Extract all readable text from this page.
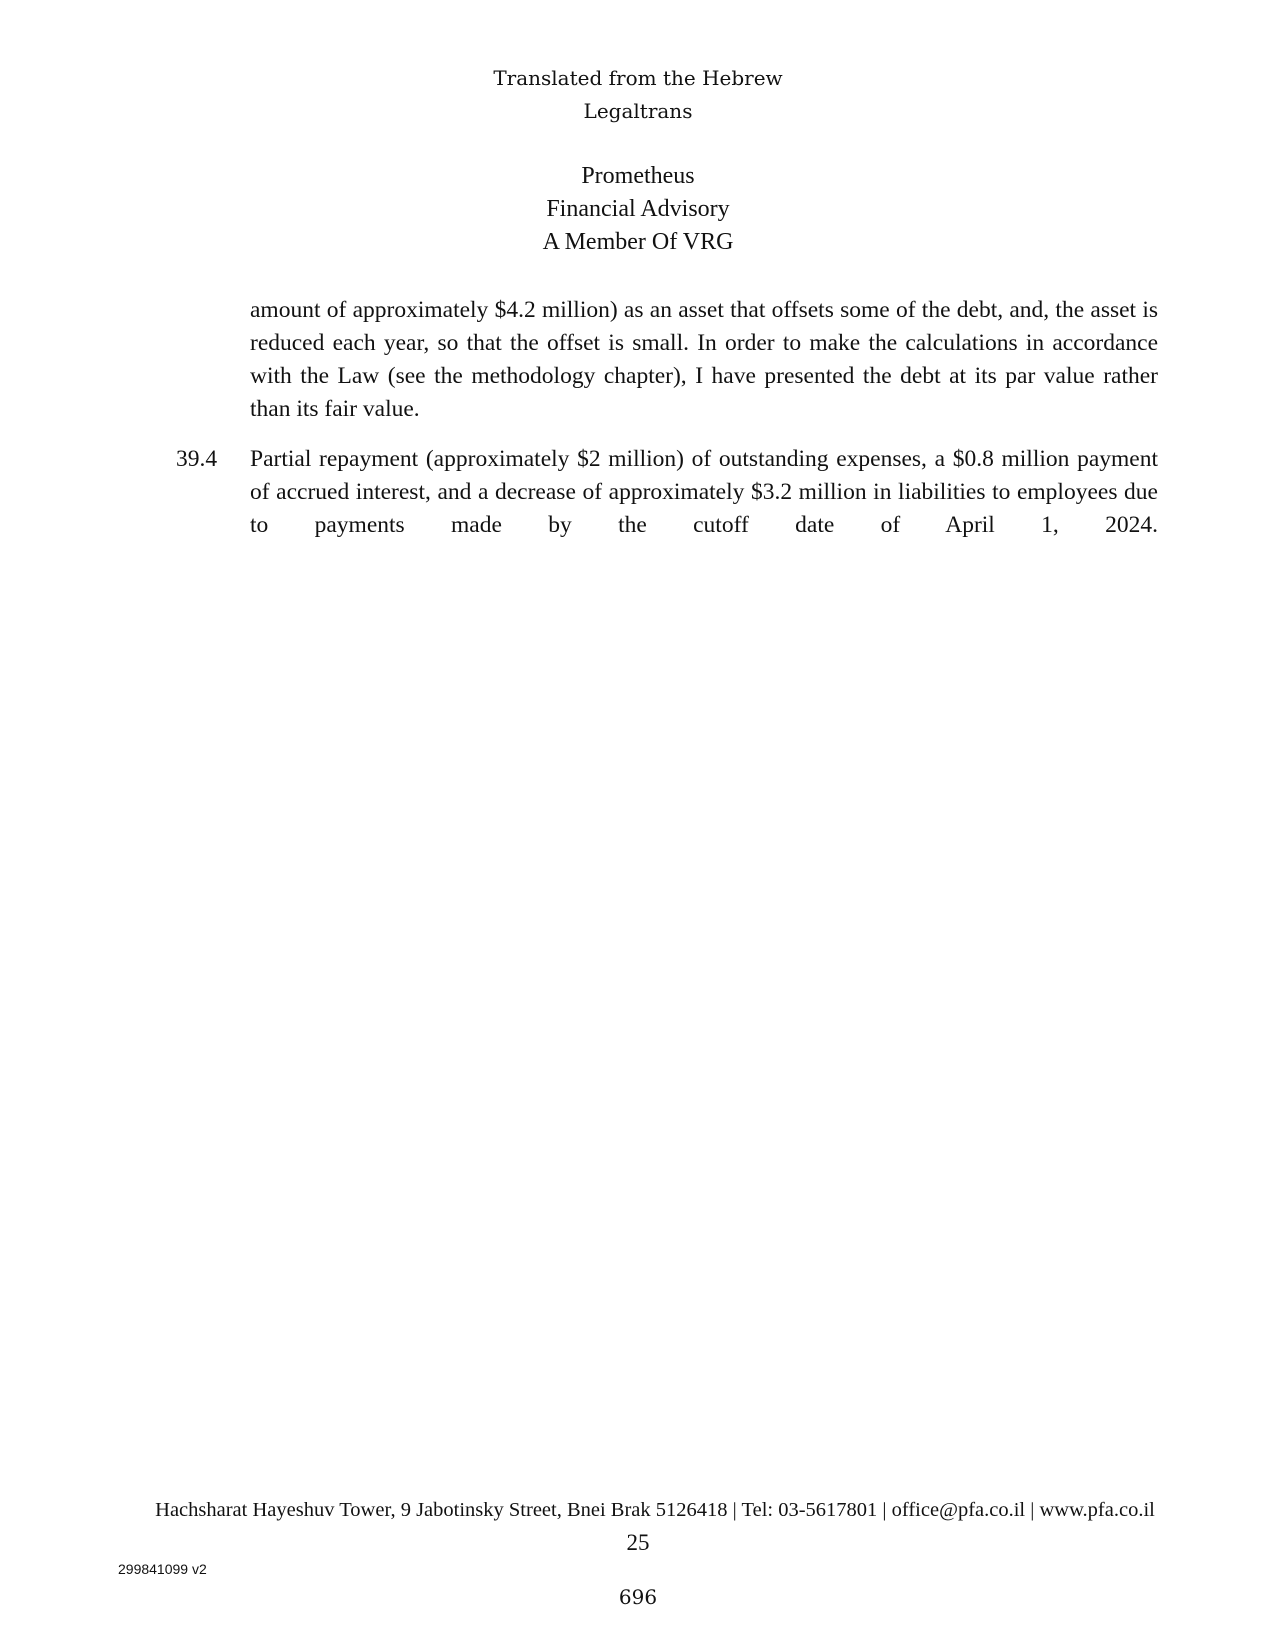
Translated from the Hebrew
Legaltrans
Prometheus
Financial Advisory
A Member Of VRG

amount of approximately $4.2 million) as an asset that offsets some of the debt, and, the asset is reduced each year, so that the offset is small. In order to make the calculations in accordance with the Law (see the methodology chapter), I have presented the debt at its par value rather than its fair value.

39.4 Partial repayment (approximately $2 million) of outstanding expenses, a $0.8 million payment of accrued interest, and a decrease of approximately $3.2 million in liabilities to employees due to payments made by the cutoff date of April 1, 2024.
Hachsharat Hayeshuv Tower, 9 Jabotinsky Street, Bnei Brak 5126418 | Tel: 03-5617801 | office@pfa.co.il | www.pfa.co.il
25
299841099 v2
696
